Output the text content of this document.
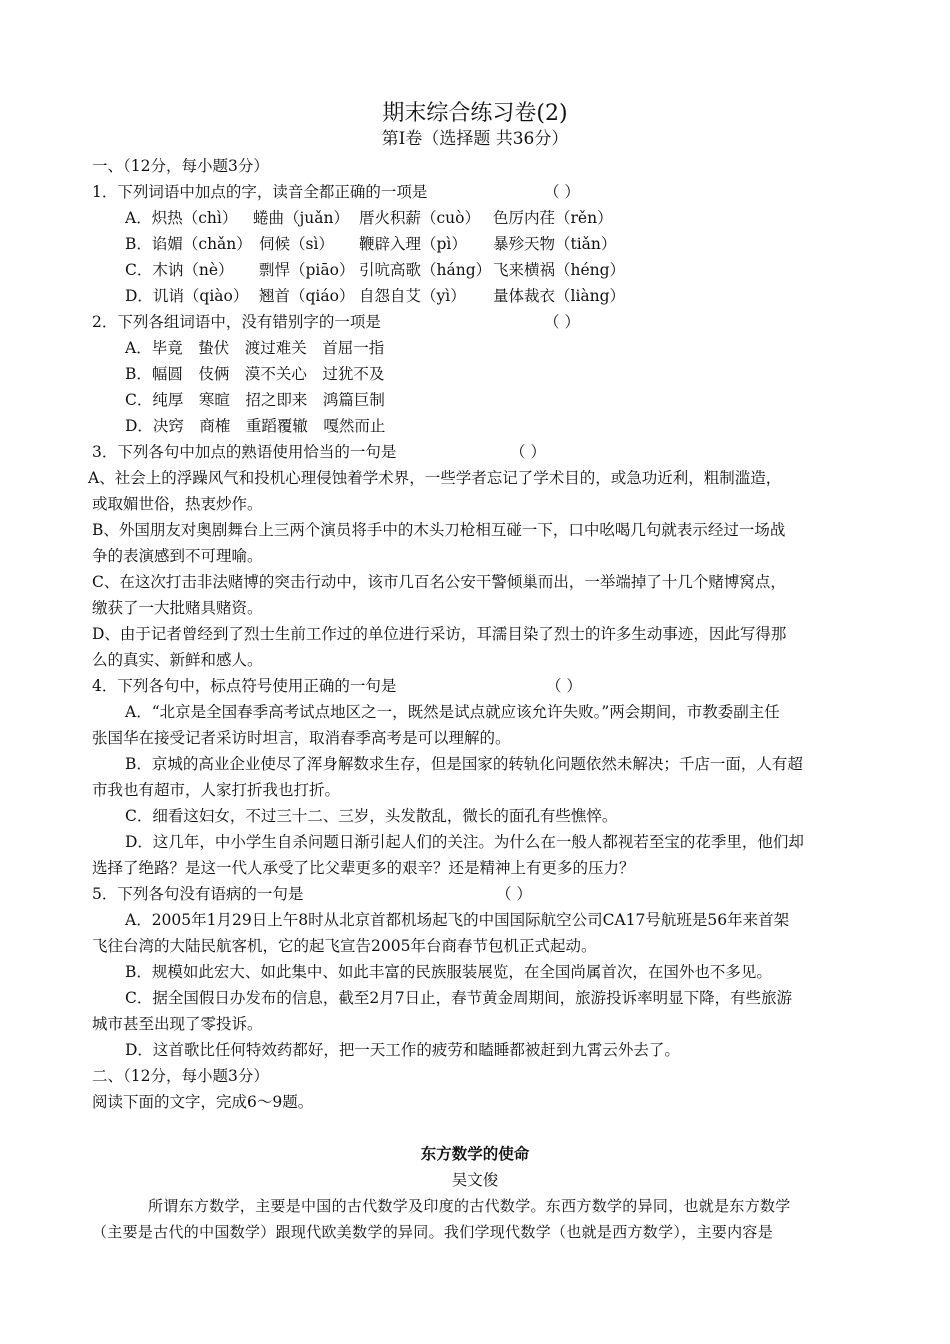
期末综合练习卷(2)
第Ⅰ卷（选择题 共36分）
一、（12分，每小题3分）
1．下列词语中加点的字，读音全都正确的一项是	（ ）
A．炽热（chì） 蜷曲（juǎn） 厝火积薪（cuò） 色厉内荏（rěn）
B．谄媚（chǎn） 伺候（sì） 鞭辟入理（pì） 暴殄天物（tiǎn）
C．木讷（nè） 剽悍（piāo） 引吭高歌（háng） 飞来横祸（héng）
D．讥诮（qiào） 翘首（qiáo） 自怨自艾（yì） 量体裁衣（liàng）
2．下列各组词语中，没有错别字的一项是	（ ）
A．毕竟　蛰伏　渡过难关　首屈一指
B．幅圆　伎俩　漠不关心　过犹不及
C．纯厚　寒暄　招之即来　鸿篇巨制
D．决窍　商榷　重蹈覆辙　嘎然而止
3．下列各句中加点的熟语使用恰当的一句是	（ ）
A、社会上的浮躁风气和投机心理侵蚀着学术界，一些学者忘记了学术目的，或急功近利，粗制滥造，
或取媚世俗，热衷炒作。
B、外国朋友对奥剧舞台上三两个演员将手中的木头刀枪相互碰一下，口中吆喝几句就表示经过一场战
争的表演感到不可理喻。
C、在这次打击非法赌博的突击行动中，该市几百名公安干警倾巢而出，一举端掉了十几个赌博窝点，
缴获了一大批赌具赌资。
D、由于记者曾经到了烈士生前工作过的单位进行采访，耳濡目染了烈士的许多生动事迹，因此写得那
么的真实、新鲜和感人。
4．下列各句中，标点符号使用正确的一句是	（ ）
A．“北京是全国春季高考试点地区之一，既然是试点就应该允许失败。”两会期间，市教委副主任
张国华在接受记者采访时坦言，取消春季高考是可以理解的。
B．京城的高业企业使尽了浑身解数求生存，但是国家的转轨化问题依然未解决；千店一面，人有超
市我也有超市，人家打折我也打折。
C．细看这妇女，不过三十二、三岁，头发散乱，微长的面孔有些憔悴。
D．这几年，中小学生自杀问题日渐引起人们的关注。为什么在一般人都视若至宝的花季里，他们却
选择了绝路？是这一代人承受了比父辈更多的艰辛？还是精神上有更多的压力？
5．下列各句没有语病的一句是	（ ）
A．2005年1月29日上午8时从北京首都机场起飞的中国国际航空公司CA17号航班是56年来首架
飞往台湾的大陆民航客机，它的起飞宣告2005年台商春节包机正式起动。
B．规模如此宏大、如此集中、如此丰富的民族服装展览，在全国尚属首次，在国外也不多见。
C．据全国假日办发布的信息，截至2月7日止，春节黄金周期间，旅游投诉率明显下降，有些旅游
城市甚至出现了零投诉。
D．这首歌比任何特效药都好，把一天工作的疲劳和瞌睡都被赶到九霄云外去了。
二、（12分，每小题3分）
阅读下面的文字，完成6～9题。
东方数学的使命
吴文俊
所谓东方数学，主要是中国的古代数学及印度的古代数学。东西方数学的异同，也就是东方数学
（主要是古代的中国数学）跟现代欧美数学的异同。我们学现代数学（也就是西方数学），主要内容是
